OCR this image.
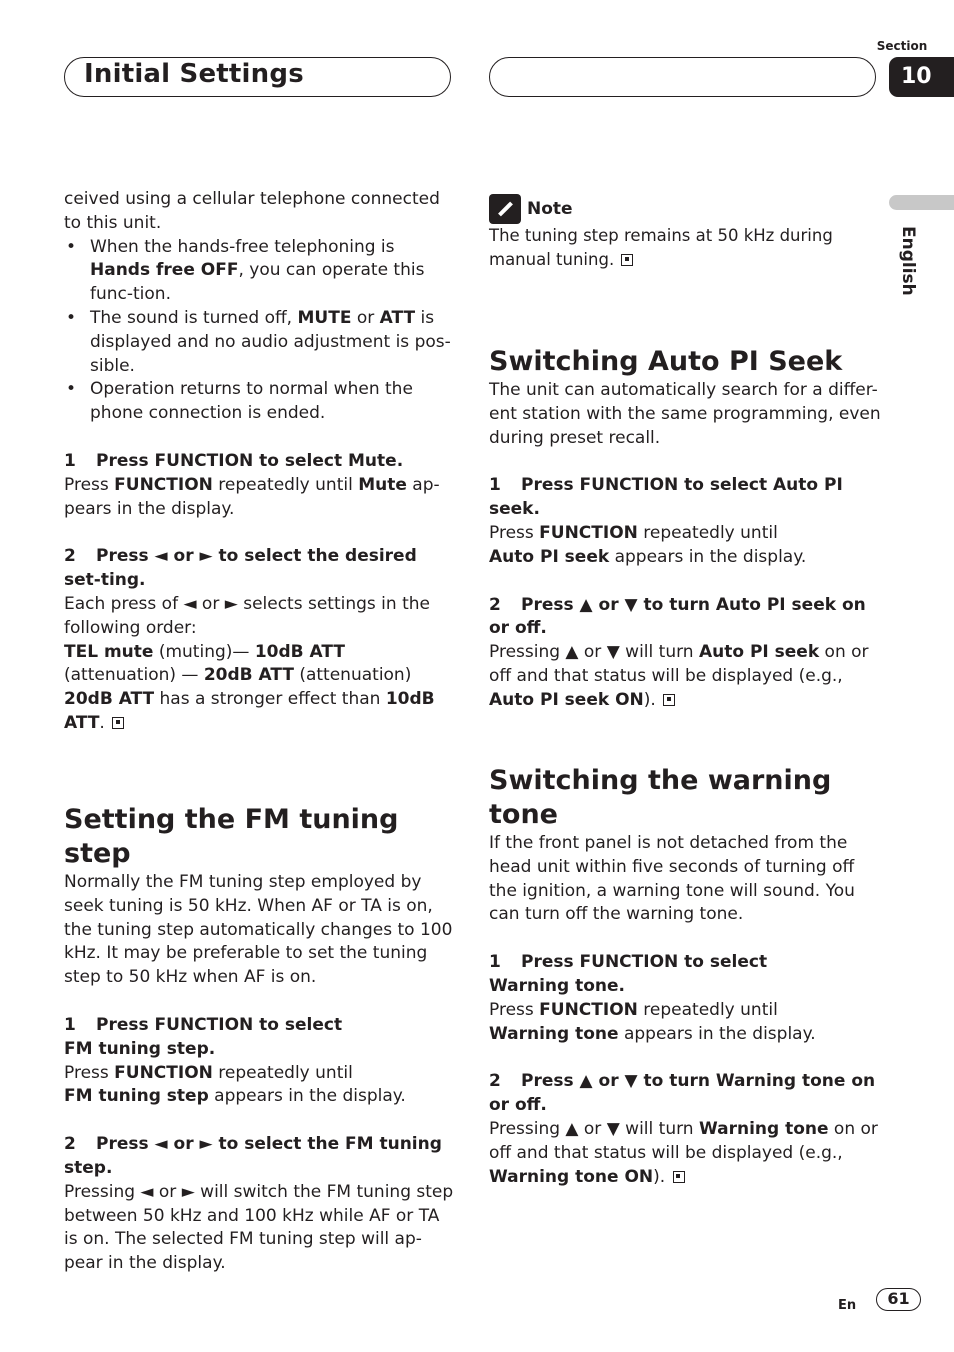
Initial Settings
Section
10
English

ceived using a cellular telephone connected to this unit.

• When the hands-free telephoning is Hands free OFF, you can operate this func-tion.

• The sound is turned off, MUTE or ATT is displayed and no audio adjustment is pos-sible.

• Operation returns to normal when the phone connection is ended.

1 Press FUNCTION to select Mute.

Press FUNCTION repeatedly until Mute ap-pears in the display.

2 Press ◄ or ► to select the desired set-ting.

Each press of ◄ or ► selects settings in the following order:

TEL mute (muting)— 10dB ATT (attenuation) — 20dB ATT (attenuation)

20dB ATT has a stronger effect than 10dB ATT.

Setting the FM tuning step

Normally the FM tuning step employed by seek tuning is 50 kHz. When AF or TA is on, the tuning step automatically changes to 100 kHz. It may be preferable to set the tuning step to 50 kHz when AF is on.

1 Press FUNCTION to select
FM tuning step.

Press FUNCTION repeatedly until
FM tuning step appears in the display.

2 Press ◄ or ► to select the FM tuning step.

Pressing ◄ or ► will switch the FM tuning step between 50 kHz and 100 kHz while AF or TA is on. The selected FM tuning step will ap-pear in the display.

Note

The tuning step remains at 50 kHz during manual tuning.

Switching Auto PI Seek

The unit can automatically search for a differ-ent station with the same programming, even during preset recall.

1 Press FUNCTION to select Auto PI seek.

Press FUNCTION repeatedly until
Auto PI seek appears in the display.

2 Press ▲ or ▼ to turn Auto PI seek on or off.

Pressing ▲ or ▼ will turn Auto PI seek on or off and that status will be displayed (e.g., Auto PI seek ON).

Switching the warning tone

If the front panel is not detached from the head unit within five seconds of turning off the ignition, a warning tone will sound. You can turn off the warning tone.

1 Press FUNCTION to select
Warning tone.

Press FUNCTION repeatedly until
Warning tone appears in the display.

2 Press ▲ or ▼ to turn Warning tone on or off.

Pressing ▲ or ▼ will turn Warning tone on or off and that status will be displayed (e.g., Warning tone ON).

En	61
